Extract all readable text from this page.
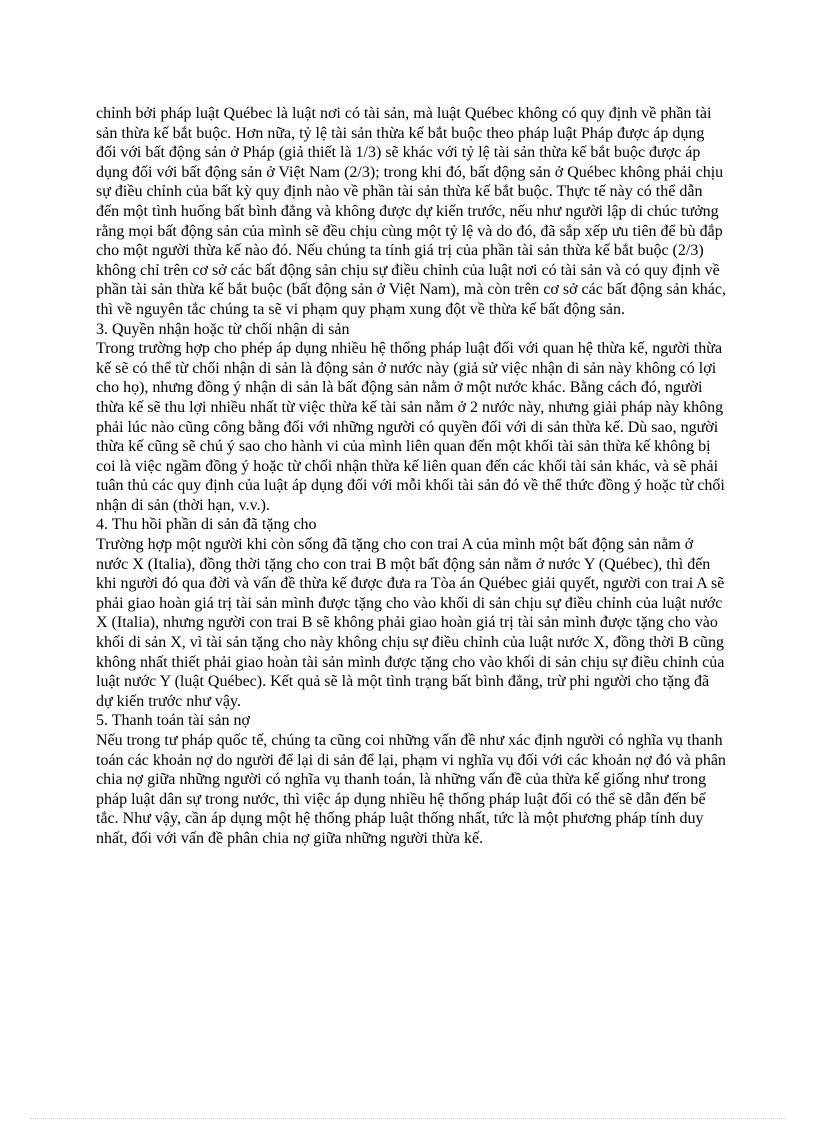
chỉnh bởi pháp luật Québec là luật nơi có tài sản, mà luật Québec không có quy định về phần tài sản thừa kế bắt buộc. Hơn nữa, tỷ lệ tài sản thừa kế bắt buộc theo pháp luật Pháp được áp dụng đối với bất động sản ở Pháp (giả thiết là 1/3) sẽ khác với tỷ lệ tài sản thừa kế bắt buộc được áp dụng đối với bất động sản ở Việt Nam (2/3); trong khi đó, bất động sản ở Québec không phải chịu sự điều chỉnh của bất kỳ quy định nào về phần tài sản thừa kế bắt buộc. Thực tế này có thể dẫn đến một tình huống bất bình đẳng và không được dự kiến trước, nếu như người lập di chúc tưởng rằng mọi bất động sản của mình sẽ đều chịu cùng một tỷ lệ và do đó, đã sắp xếp ưu tiên để bù đắp cho một người thừa kế nào đó. Nếu chúng ta tính giá trị của phần tài sản thừa kế bắt buộc (2/3) không chỉ trên cơ sở các bất động sản chịu sự điều chỉnh của luật nơi có tài sản và có quy định về phần tài sản thừa kế bắt buộc (bất động sản ở Việt Nam), mà còn trên cơ sở các bất động sản khác, thì về nguyên tắc chúng ta sẽ vi phạm quy phạm xung đột về thừa kế bất động sản.

3. Quyền nhận hoặc từ chối nhận di sản

Trong trường hợp cho phép áp dụng nhiều hệ thống pháp luật đối với quan hệ thừa kế, người thừa kế sẽ có thể từ chối nhận di sản là động sản ở nước này (giả sử việc nhận di sản này không có lợi cho họ), nhưng đồng ý nhận di sản là bất động sản nằm ở một nước khác. Bằng cách đó, người thừa kế sẽ thu lợi nhiều nhất từ việc thừa kế tài sản nằm ở 2 nước này, nhưng giải pháp này không phải lúc nào cũng công bằng đối với những người có quyền đối với di sản thừa kế. Dù sao, người thừa kế cũng sẽ chú ý sao cho hành vi của mình liên quan đến một khối tài sản thừa kế không bị coi là việc ngầm đồng ý hoặc từ chối nhận thừa kế liên quan đến các khối tài sản khác, và sẽ phải tuân thủ các quy định của luật áp dụng đối với mỗi khối tài sản đó về thể thức đồng ý hoặc từ chối nhận di sản (thời hạn, v.v.).

4. Thu hồi phần di sản đã tặng cho

Trường hợp một người khi còn sống đã tặng cho con trai A của mình một bất động sản nằm ở nước X (Italia), đồng thời tặng cho con trai B một bất động sản nằm ở nước Y (Québec), thì đến khi người đó qua đời và vấn đề thừa kế được đưa ra Tòa án Québec giải quyết, người con trai A sẽ phải giao hoàn giá trị tài sản mình được tặng cho vào khối di sản chịu sự điều chỉnh của luật nước X (Italia), nhưng người con trai B sẽ không phải giao hoàn giá trị tài sản mình được tặng cho vào khối di sản X, vì tài sản tặng cho này không chịu sự điều chỉnh của luật nước X, đồng thời B cũng không nhất thiết phải giao hoàn tài sản mình được tặng cho vào khối di sản chịu sự điều chỉnh của luật nước Y (luật Québec). Kết quả sẽ là một tình trạng bất bình đẳng, trừ phi người cho tặng đã dự kiến trước như vậy.

5. Thanh toán tài sản nợ

Nếu trong tư pháp quốc tế, chúng ta cũng coi những vấn đề như xác định người có nghĩa vụ thanh toán các khoản nợ do người để lại di sản để lại, phạm vi nghĩa vụ đối với các khoản nợ đó và phân chia nợ giữa những người có nghĩa vụ thanh toán, là những vấn đề của thừa kế giống như trong pháp luật dân sự trong nước, thì việc áp dụng nhiều hệ thống pháp luật đối có thể sẽ dẫn đến bế tắc. Như vậy, cần áp dụng một hệ thống pháp luật thống nhất, tức là một phương pháp tính duy nhất, đối với vấn đề phân chia nợ giữa những người thừa kế.
